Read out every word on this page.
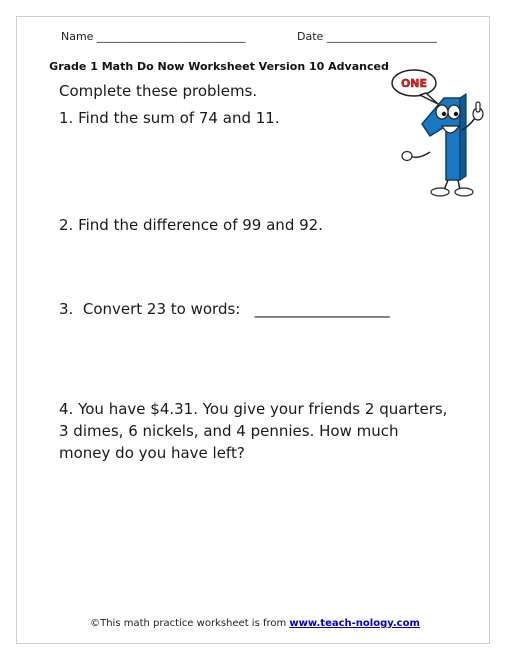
Name ___________________________	Date ____________________
Grade 1 Math Do Now Worksheet Version 10 Advanced
Complete these problems.
1. Find the sum of 74 and 11.
2. Find the difference of 99 and 92.
3.  Convert 23 to words:   __________________
4. You have $4.31. You give your friends 2 quarters, 3 dimes, 6 nickels, and 4 pennies. How much money do you have left?
ONE
©This math practice worksheet is from www.teach-nology.com
